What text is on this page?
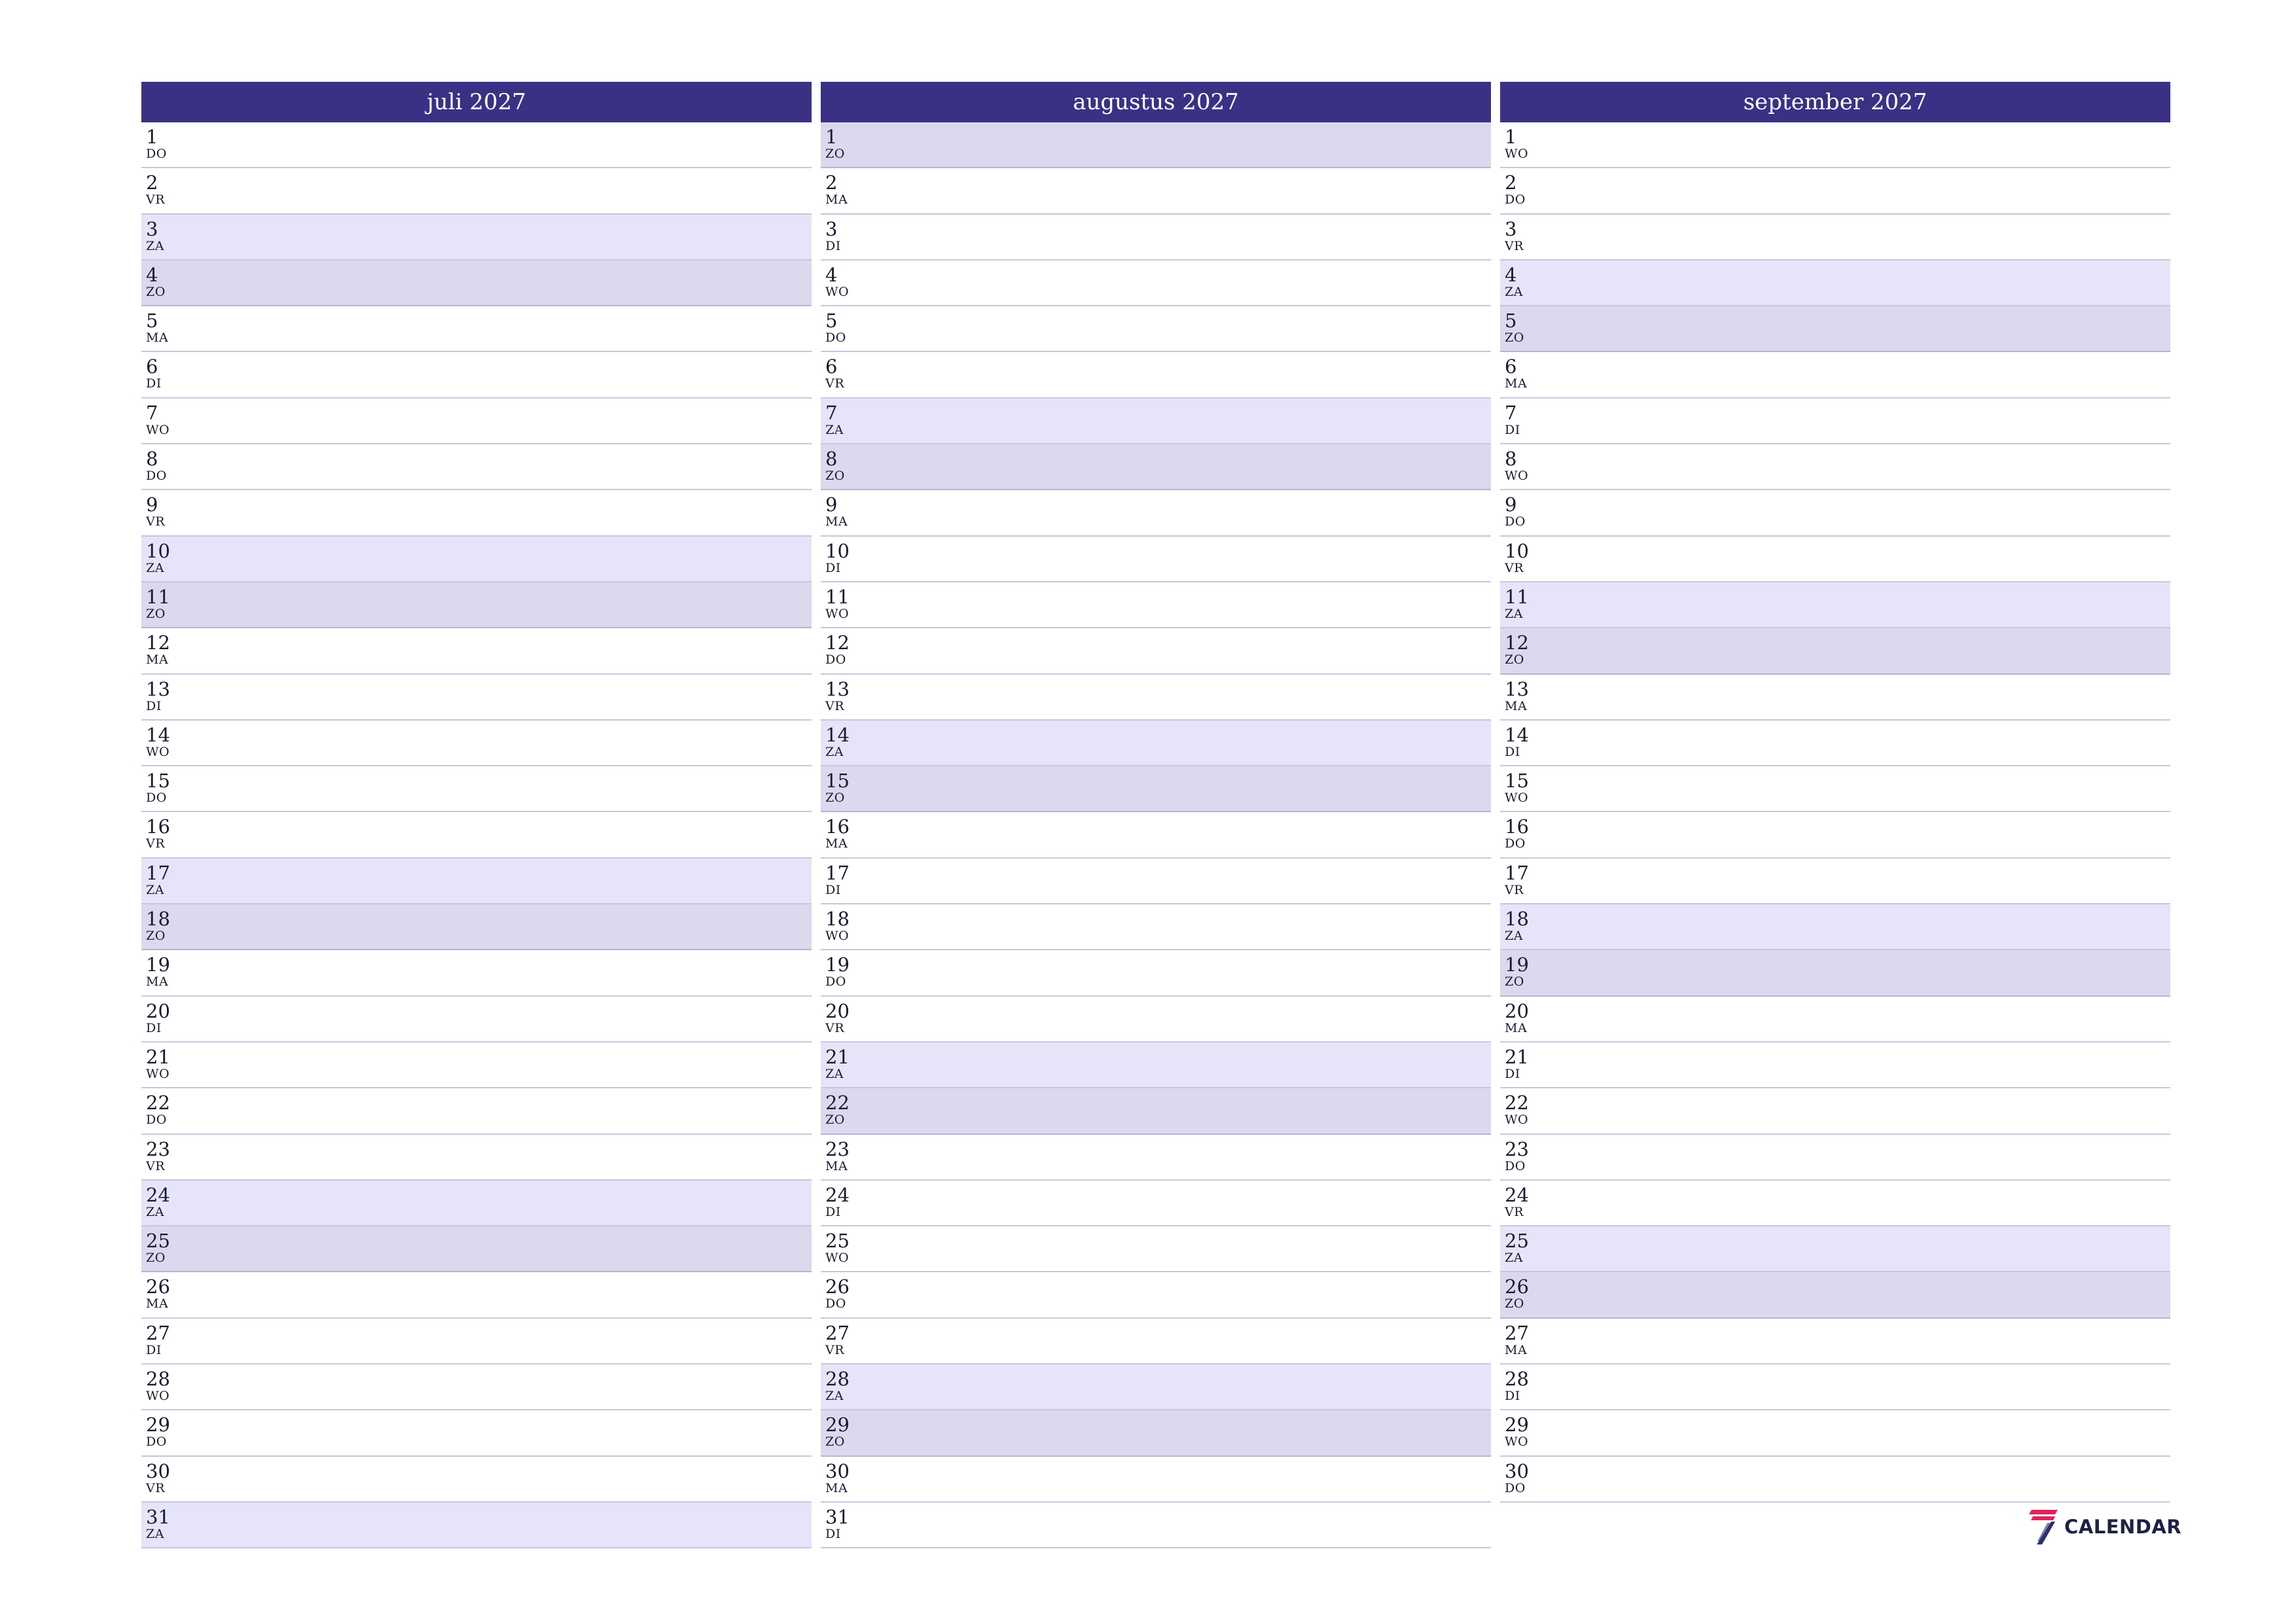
juli 2027
1
DO
2
VR
3
ZA
4
ZO
5
MA
6
DI
7
WO
8
DO
9
VR
10
ZA
11
ZO
12
MA
13
DI
14
WO
15
DO
16
VR
17
ZA
18
ZO
19
MA
20
DI
21
WO
22
DO
23
VR
24
ZA
25
ZO
26
MA
27
DI
28
WO
29
DO
30
VR
31
ZA
augustus 2027
1
ZO
2
MA
3
DI
4
WO
5
DO
6
VR
7
ZA
8
ZO
9
MA
10
DI
11
WO
12
DO
13
VR
14
ZA
15
ZO
16
MA
17
DI
18
WO
19
DO
20
VR
21
ZA
22
ZO
23
MA
24
DI
25
WO
26
DO
27
VR
28
ZA
29
ZO
30
MA
31
DI
september 2027
1
WO
2
DO
3
VR
4
ZA
5
ZO
6
MA
7
DI
8
WO
9
DO
10
VR
11
ZA
12
ZO
13
MA
14
DI
15
WO
16
DO
17
VR
18
ZA
19
ZO
20
MA
21
DI
22
WO
23
DO
24
VR
25
ZA
26
ZO
27
MA
28
DI
29
WO
30
DO
CALENDAR
